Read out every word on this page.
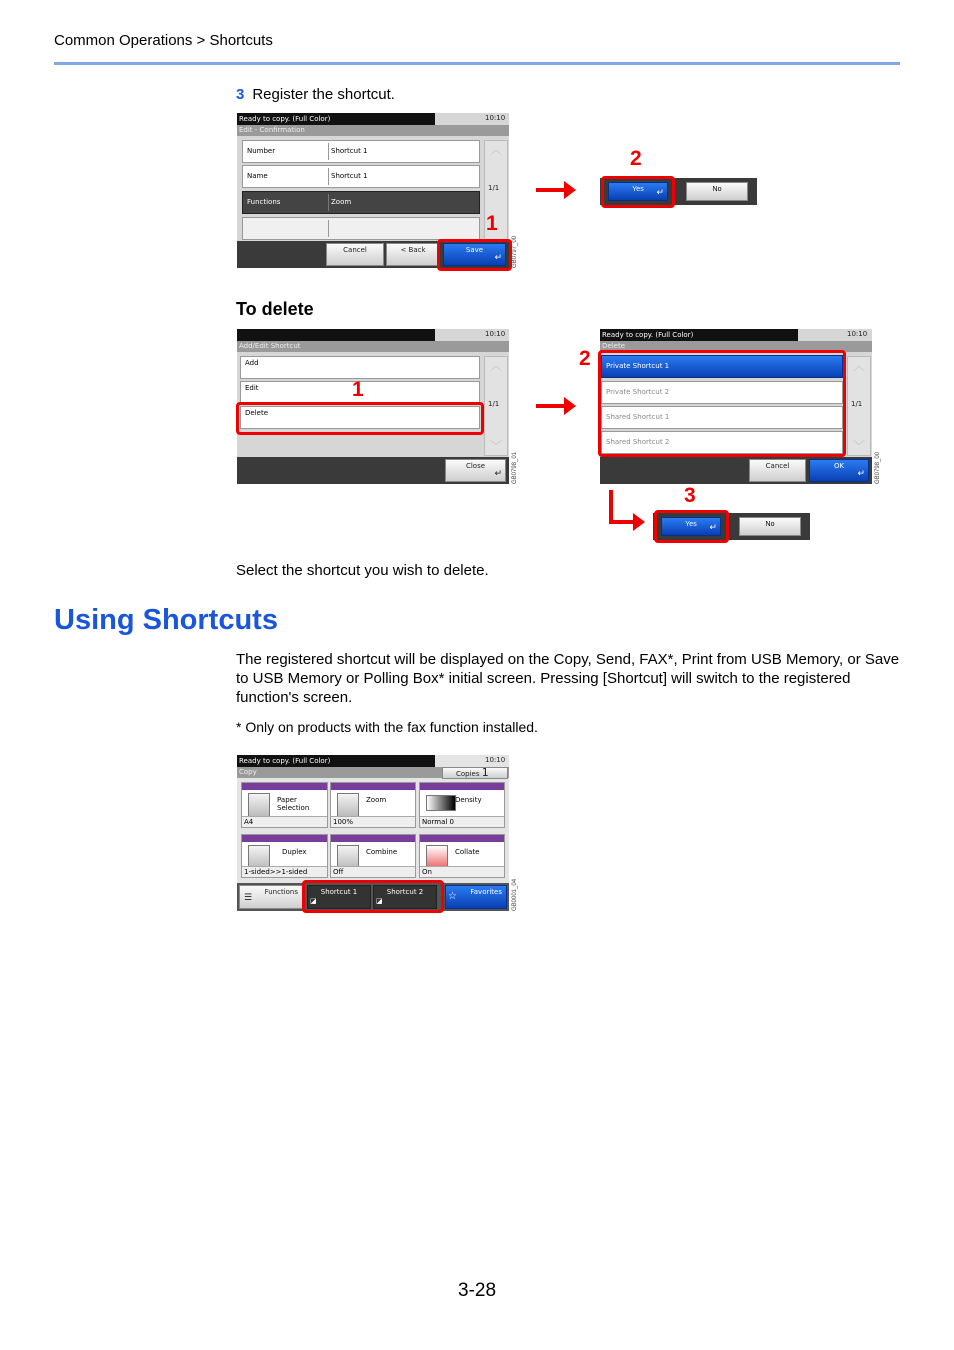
Common Operations > Shortcuts
3 Register the shortcut.
Ready to copy. (Full Color)	10:10
Edit - Confirmation
Number	Shortcut 1
Name	Shortcut 1
Functions	Zoom
︿
1/1
Cancel	< Back	Save
↵ GB0797_00
1
Yes ↵	No
2
To delete
10:10
Add/Edit Shortcut
Add
Edit
Delete
︿
﹀
1/1
Close
↵ GB0798_01
1
Ready to copy. (Full Color)	10:10
Delete
Private Shortcut 1
Private Shortcut 2
Shared Shortcut 1
Shared Shortcut 2
︿
﹀
1/1
Cancel	OK
↵ GB0798_00
2
Yes ↵	No
3
Select the shortcut you wish to delete.
Using Shortcuts
The registered shortcut will be displayed on the Copy, Send, FAX*, Print from USB Memory, or Save to USB Memory or Polling Box* initial screen. Pressing [Shortcut] will switch to the registered function's screen.
* Only on products with the fax function installed.
Ready to copy. (Full Color)	10:10
Copy	Copies 1
Paper Selection
A4
Zoom
100%
Density
Normal 0
Duplex
1-sided>>1-sided
Combine
Off
Collate
On
☰
Functions	Shortcut 1
◪
Shortcut 2
◪	☆ Favorites	GB0001_04
3-28
